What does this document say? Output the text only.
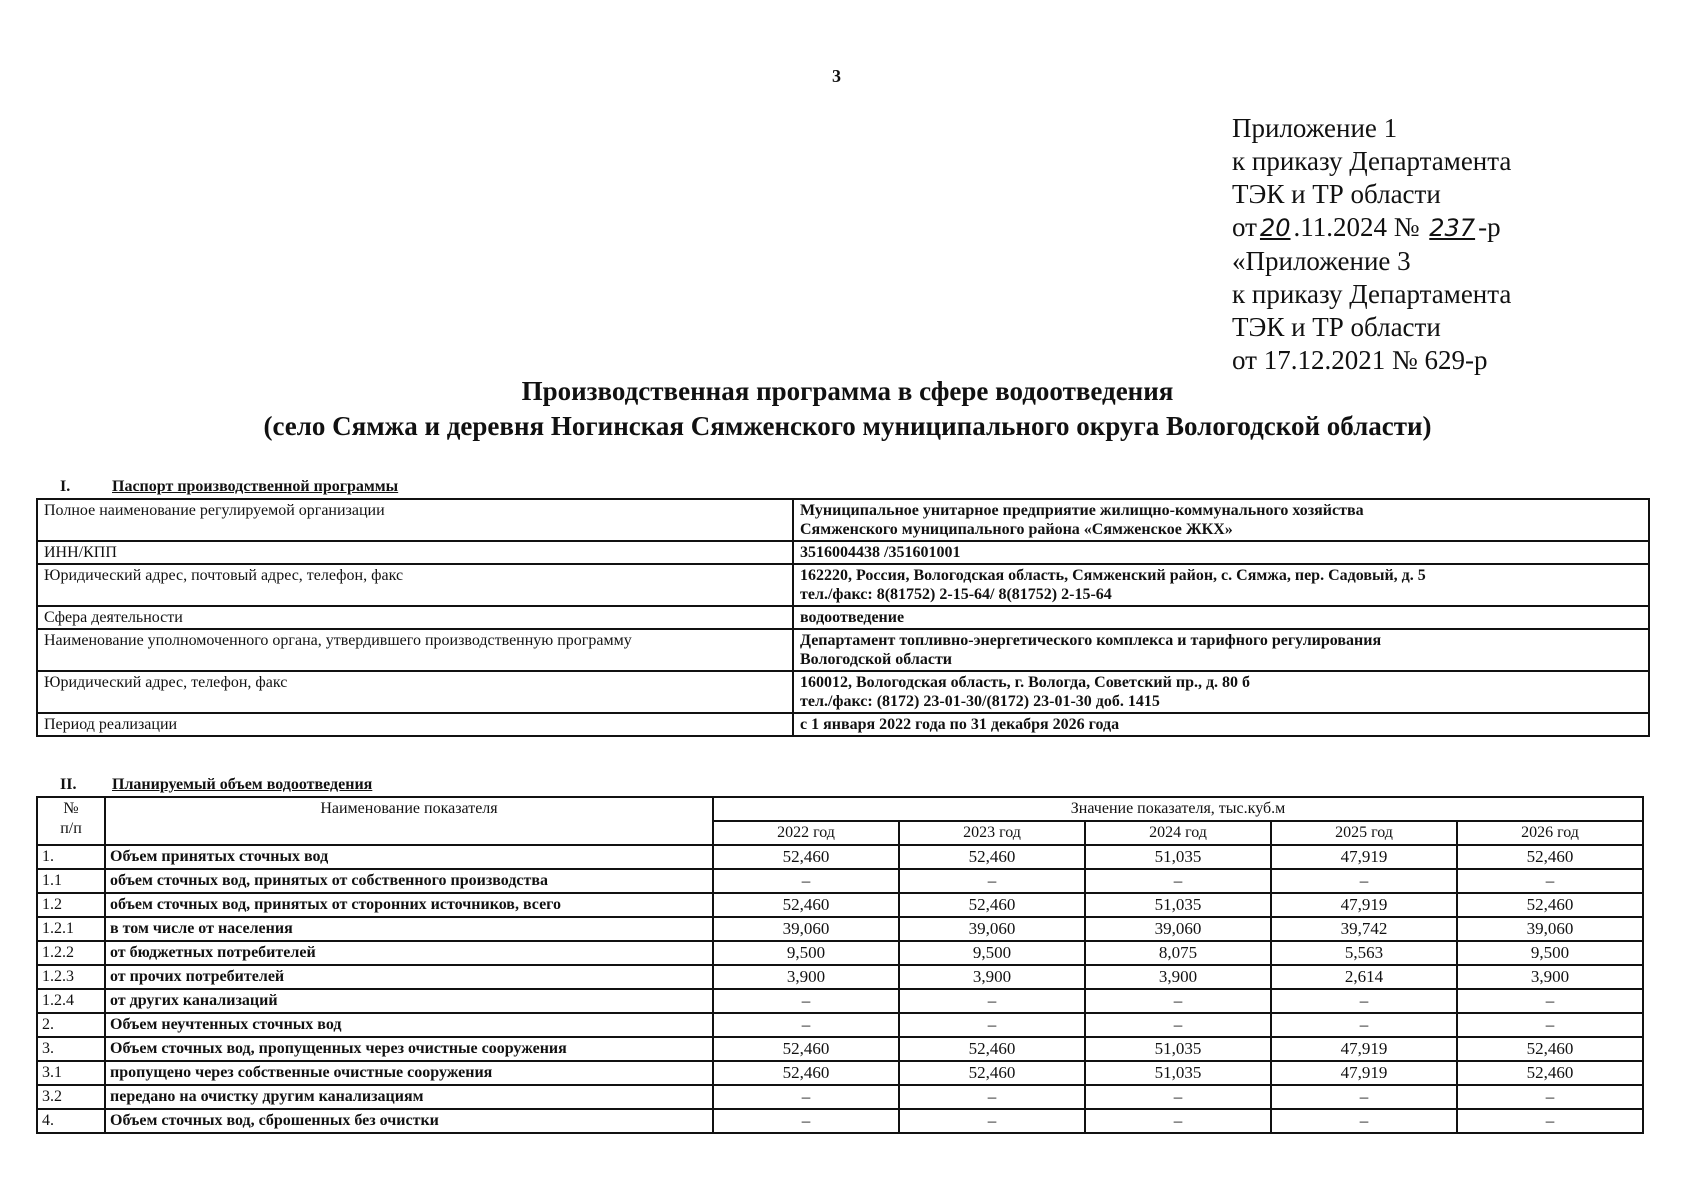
3
Приложение 1
к приказу Департамента
ТЭК и ТР области
от 20 .11.2024 № 237 -р
«Приложение 3
к приказу Департамента
ТЭК и ТР области
от 17.12.2021 № 629-р
Производственная программа в сфере водоотведения
(село Сямжа и деревня Ногинская Сямженского муниципального округа Вологодской области)
I.	Паспорт производственной программы
Полное наименование регулируемой организации	Муниципальное унитарное предприятие жилищно-коммунального хозяйства
Сямженского муниципального района «Сямженское ЖКХ»

ИНН/КПП	3516004438 /351601001

Юридический адрес, почтовый адрес, телефон, факс	162220, Россия, Вологодская область, Сямженский район, с. Сямжа, пер. Садовый, д. 5
тел./факс: 8(81752) 2-15-64/ 8(81752) 2-15-64

Сфера деятельности	водоотведение

Наименование уполномоченного органа, утвердившего производственную программу	Департамент топливно-энергетического комплекса и тарифного регулирования
Вологодской области

Юридический адрес, телефон, факс	160012, Вологодская область, г. Вологда, Советский пр., д. 80 б
тел./факс: (8172) 23-01-30/(8172) 23-01-30 доб. 1415

Период реализации	с 1 января 2022 года по 31 декабря 2026 года
II. Планируемый объем водоотведения
№
п/п	Наименование показателя	Значение показателя, тыс.куб.м				
		2022 год	2023 год	2024 год	2025 год	2026 год
1.	Объем принятых сточных вод	52,460	52,460	51,035	47,919	52,460
1.1	объем сточных вод, принятых от собственного производства	–	–	–	–	–
1.2	объем сточных вод, принятых от сторонних источников, всего	52,460	52,460	51,035	47,919	52,460
1.2.1	в том числе от населения	39,060	39,060	39,060	39,742	39,060
1.2.2	от бюджетных потребителей	9,500	9,500	8,075	5,563	9,500
1.2.3	от прочих потребителей	3,900	3,900	3,900	2,614	3,900
1.2.4	от других канализаций	–	–	–	–	–
2.	Объем неучтенных сточных вод	–	–	–	–	–
3.	Объем сточных вод, пропущенных через очистные сооружения	52,460	52,460	51,035	47,919	52,460
3.1	пропущено через собственные очистные сооружения	52,460	52,460	51,035	47,919	52,460
3.2	передано на очистку другим канализациям	–	–	–	–	–
4.	Объем сточных вод, сброшенных без очистки	–	–	–	–	–
